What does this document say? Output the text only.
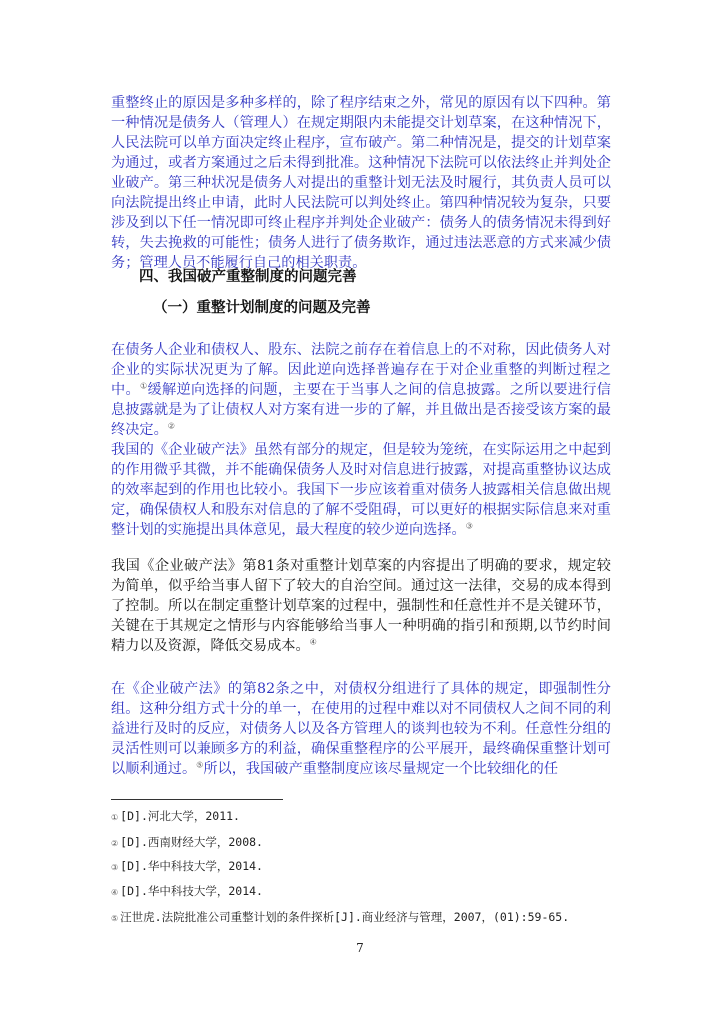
重整终止的原因是多种多样的，除了程序结束之外，常见的原因有以下四种。第一种情况是债务人（管理人）在规定期限内未能提交计划草案，在这种情况下，人民法院可以单方面决定终止程序，宣布破产。第二种情况是，提交的计划草案为通过，或者方案通过之后未得到批准。这种情况下法院可以依法终止并判处企业破产。第三种状况是债务人对提出的重整计划无法及时履行，其负责人员可以向法院提出终止申请，此时人民法院可以判处终止。第四种情况较为复杂，只要涉及到以下任一情况即可终止程序并判处企业破产：债务人的债务情况未得到好转，失去挽救的可能性；债务人进行了债务欺诈，通过违法恶意的方式来减少债务；管理人员不能履行自己的相关职责。

四、我国破产重整制度的问题完善

（一）重整计划制度的问题及完善

在债务人企业和债权人、股东、法院之前存在着信息上的不对称，因此债务人对企业的实际状况更为了解。因此逆向选择普遍存在于对企业重整的判断过程之中。①缓解逆向选择的问题，主要在于当事人之间的信息披露。之所以要进行信息披露就是为了让债权人对方案有进一步的了解，并且做出是否接受该方案的最终决定。②

我国的《企业破产法》虽然有部分的规定，但是较为笼统，在实际运用之中起到的作用微乎其微，并不能确保债务人及时对信息进行披露，对提高重整协议达成的效率起到的作用也比较小。我国下一步应该着重对债务人披露相关信息做出规定，确保债权人和股东对信息的了解不受阻碍，可以更好的根据实际信息来对重整计划的实施提出具体意见，最大程度的较少逆向选择。③

我国《企业破产法》第81条对重整计划草案的内容提出了明确的要求，规定较为简单，似乎给当事人留下了较大的自治空间。通过这一法律，交易的成本得到了控制。所以在制定重整计划草案的过程中，强制性和任意性并不是关键环节，关键在于其规定之情形与内容能够给当事人一种明确的指引和预期,以节约时间精力以及资源，降低交易成本。④

在《企业破产法》的第82条之中，对债权分组进行了具体的规定，即强制性分组。这种分组方式十分的单一，在使用的过程中难以对不同债权人之间不同的利益进行及时的反应，对债务人以及各方管理人的谈判也较为不利。任意性分组的灵活性则可以兼顾多方的利益，确保重整程序的公平展开，最终确保重整计划可以顺利通过。⑤所以，我国破产重整制度应该尽量规定一个比较细化的任

① [D].河北大学，2011.

② [D].西南财经大学，2008.

③ [D].华中科技大学，2014.

④ [D].华中科技大学，2014.

⑤ 汪世虎.法院批准公司重整计划的条件探析[J].商业经济与管理，2007，(01):59-65.

7
